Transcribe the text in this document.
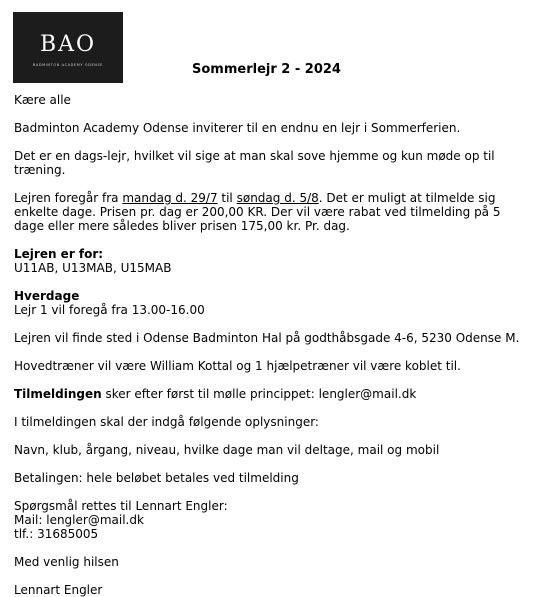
BAO
BADMINTON ACADEMY ODENSE	Sommerlejr 2 - 2024

Kære alle

Badminton Academy Odense inviterer til en endnu en lejr i Sommerferien.

Det er en dags-lejr, hvilket vil sige at man skal sove hjemme og kun møde op til træning.

Lejren foregår fra mandag d. 29/7 til søndag d. 5/8. Det er muligt at tilmelde sig enkelte dage. Prisen pr. dag er 200,00 KR. Der vil være rabat ved tilmelding på 5 dage eller mere således bliver prisen 175,00 kr. Pr. dag.

Lejren er for:

U11AB, U13MAB, U15MAB

Hverdage

Lejr 1 vil foregå fra 13.00-16.00

Lejren vil finde sted i Odense Badminton Hal på godthåbsgade 4-6, 5230 Odense M.

Hovedtræner vil være William Kottal og 1 hjælpetræner vil være koblet til.

Tilmeldingen sker efter først til mølle princippet: lengler@mail.dk

I tilmeldingen skal der indgå følgende oplysninger:

Navn, klub, årgang, niveau, hvilke dage man vil deltage, mail og mobil

Betalingen: hele beløbet betales ved tilmelding

Spørgsmål rettes til Lennart Engler:

Mail: lengler@mail.dk

tlf.: 31685005

Med venlig hilsen

Lennart Engler
